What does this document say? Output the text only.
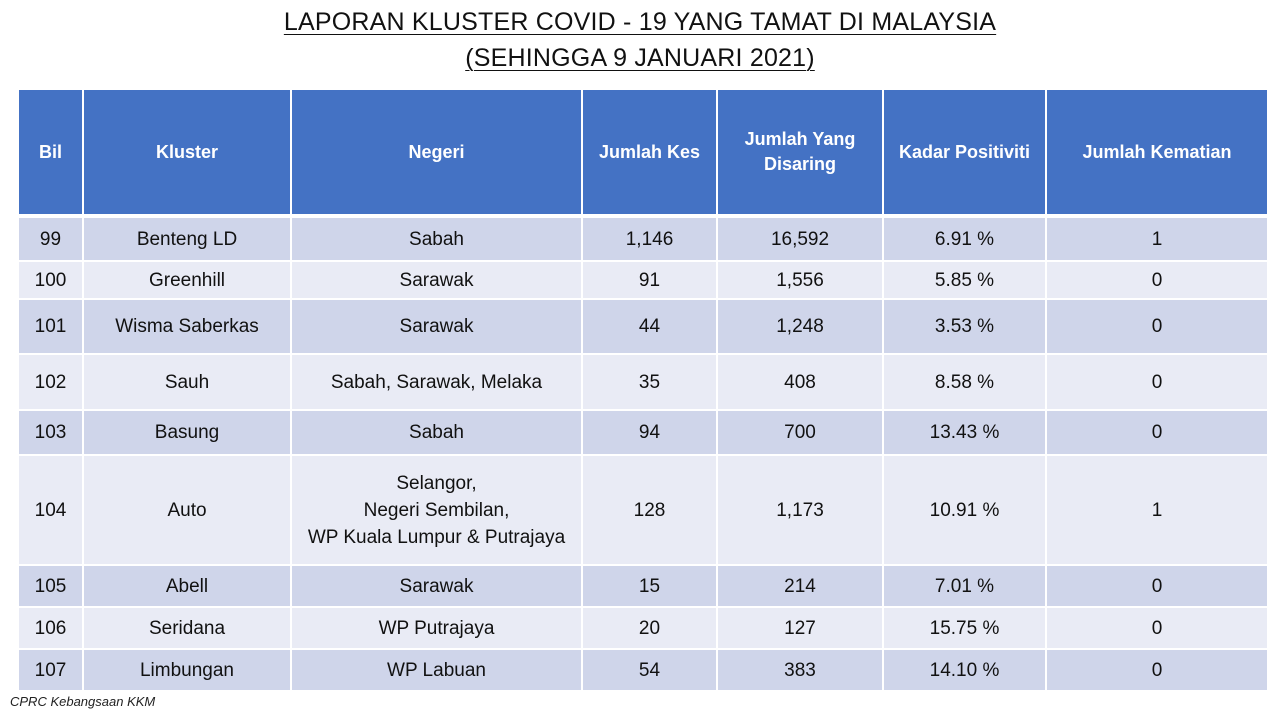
LAPORAN KLUSTER COVID - 19 YANG TAMAT DI MALAYSIA
(SEHINGGA 9 JANUARI 2021)
Bil	Kluster	Negeri	Jumlah Kes	Jumlah Yang Disaring	Kadar Positiviti	Jumlah Kematian
99	Benteng LD	Sabah	1,146	16,592	6.91 %	1
100	Greenhill	Sarawak	91	1,556	5.85 %	0
101	Wisma Saberkas	Sarawak	44	1,248	3.53 %	0
102	Sauh	Sabah, Sarawak, Melaka	35	408	8.58 %	0
103	Basung	Sabah	94	700	13.43 %	0
104	Auto	Selangor,
Negeri Sembilan,
WP Kuala Lumpur & Putrajaya	128	1,173	10.91 %	1
105	Abell	Sarawak	15	214	7.01 %	0
106	Seridana	WP Putrajaya	20	127	15.75 %	0
107	Limbungan	WP Labuan	54	383	14.10 %	0
CPRC Kebangsaan KKM
